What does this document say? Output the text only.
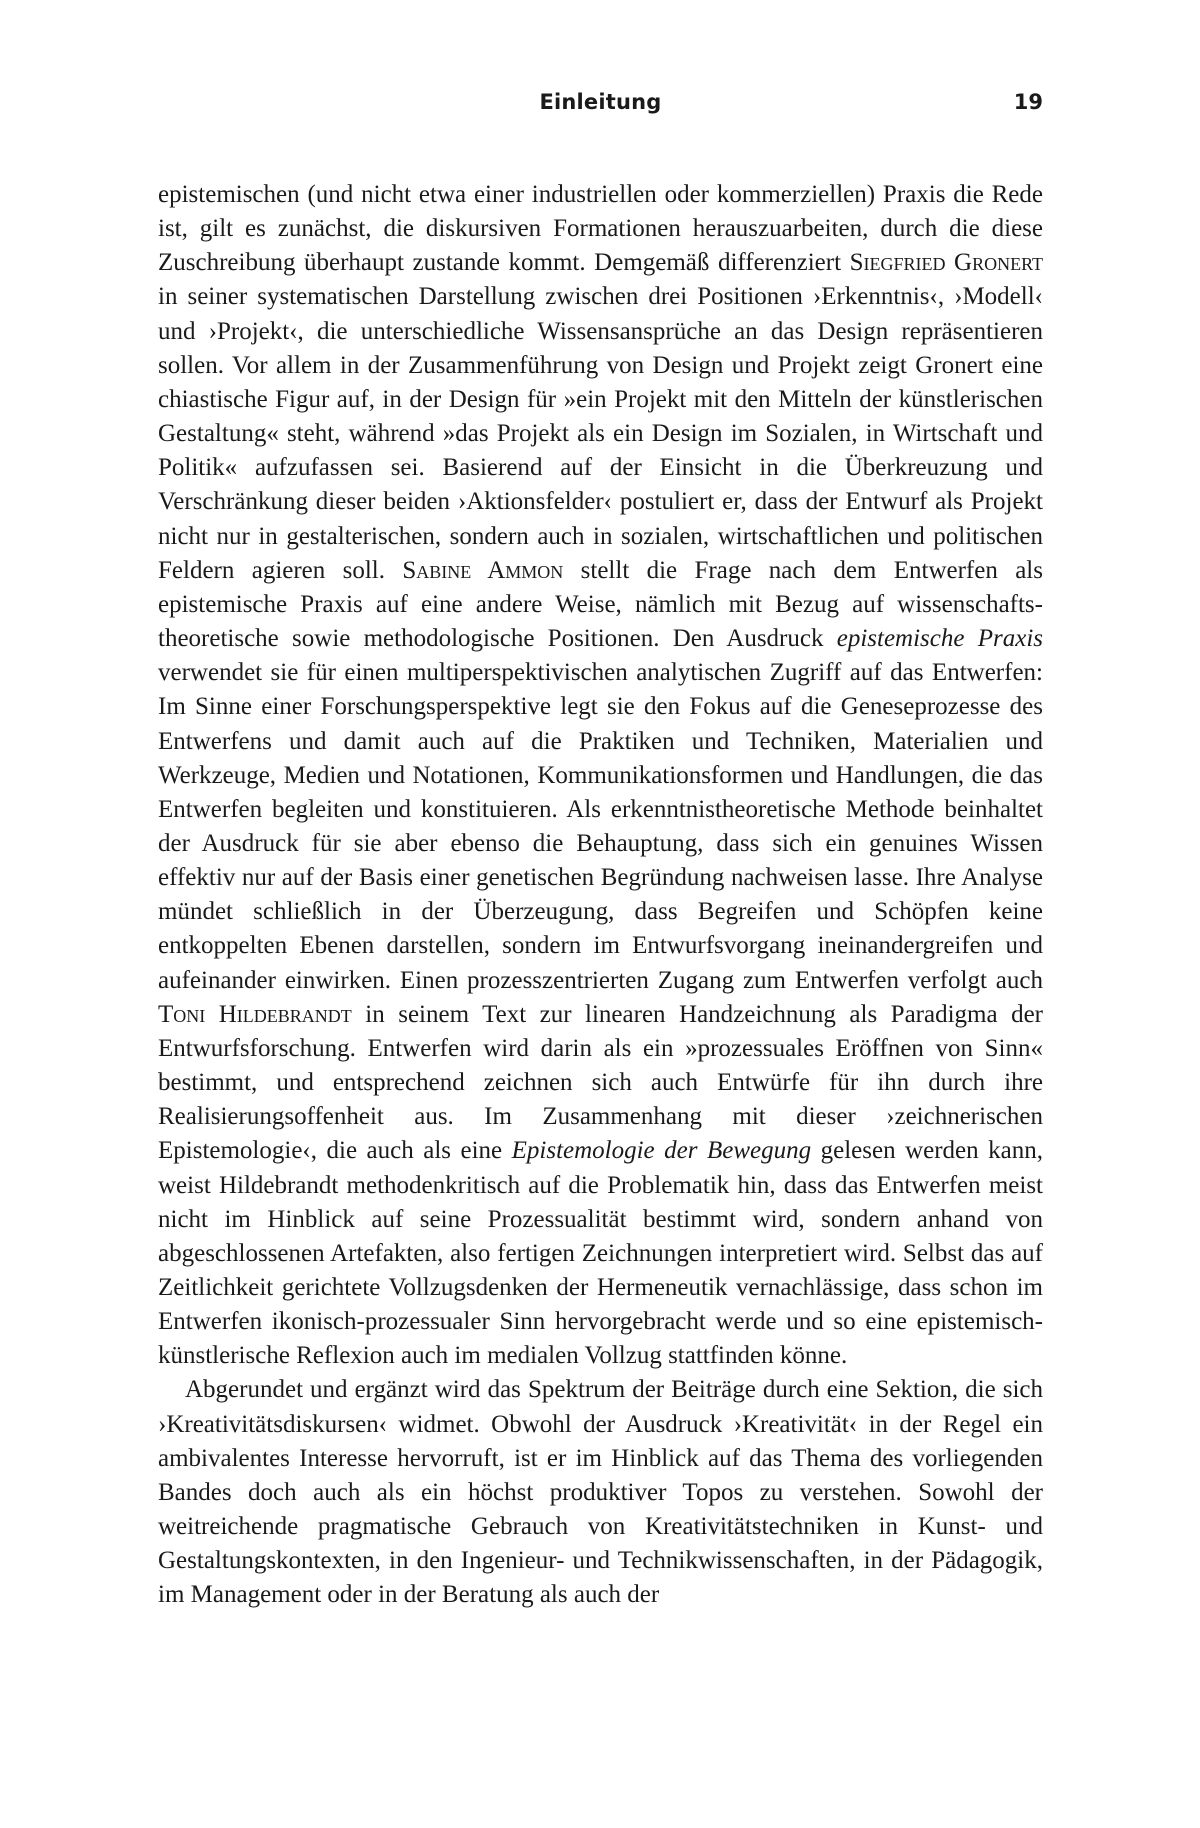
Einleitung	19

epistemischen (und nicht etwa einer industriellen oder kommerziellen) Praxis die Rede ist, gilt es zunächst, die diskursiven Formationen herauszuarbeiten, durch die diese Zuschreibung überhaupt zustande kommt. Demgemäß differenziert Siegfried Gronert in seiner systematischen Darstellung zwischen drei Positionen ›Erkenntnis‹, ›Modell‹ und ›Projekt‹, die unterschiedliche Wissensansprüche an das Design repräsentieren sollen. Vor allem in der Zusammenführung von Design und Projekt zeigt Gronert eine chiastische Figur auf, in der Design für »ein Projekt mit den Mitteln der künstlerischen Gestaltung« steht, während »das Projekt als ein Design im Sozialen, in Wirtschaft und Politik« aufzufassen sei. Basierend auf der Einsicht in die Überkreuzung und Verschränkung dieser beiden ›Aktionsfelder‹ postuliert er, dass der Entwurf als Projekt nicht nur in gestalterischen, sondern auch in sozialen, wirtschaftlichen und politischen Feldern agieren soll. Sabine Ammon stellt die Frage nach dem Entwerfen als epistemische Praxis auf eine andere Weise, nämlich mit Bezug auf wissenschaftstheoretische sowie methodologische Positionen. Den Ausdruck epistemische Praxis verwendet sie für einen multiperspektivischen analytischen Zugriff auf das Entwerfen: Im Sinne einer Forschungsperspektive legt sie den Fokus auf die Geneseprozesse des Entwerfens und damit auch auf die Praktiken und Techniken, Materialien und Werkzeuge, Medien und Notationen, Kommunikationsformen und Handlungen, die das Entwerfen begleiten und konstituieren. Als erkenntnistheoretische Methode beinhaltet der Ausdruck für sie aber ebenso die Behauptung, dass sich ein genuines Wissen effektiv nur auf der Basis einer genetischen Begründung nachweisen lasse. Ihre Analyse mündet schließlich in der Überzeugung, dass Begreifen und Schöpfen keine entkoppelten Ebenen darstellen, sondern im Entwurfsvorgang ineinandergreifen und aufeinander einwirken. Einen prozesszentrierten Zugang zum Entwerfen verfolgt auch Toni Hildebrandt in seinem Text zur linearen Handzeichnung als Paradigma der Entwurfsforschung. Entwerfen wird darin als ein »prozessuales Eröffnen von Sinn« bestimmt, und entsprechend zeichnen sich auch Entwürfe für ihn durch ihre Realisierungsoffenheit aus. Im Zusammenhang mit dieser ›zeichnerischen Epistemologie‹, die auch als eine Epistemologie der Bewegung gelesen werden kann, weist Hildebrandt methodenkritisch auf die Problematik hin, dass das Entwerfen meist nicht im Hinblick auf seine Prozessualität bestimmt wird, sondern anhand von abgeschlossenen Artefakten, also fertigen Zeichnungen interpretiert wird. Selbst das auf Zeitlichkeit gerichtete Vollzugsdenken der Hermeneutik vernachlässige, dass schon im Entwerfen ikonisch-prozessualer Sinn hervorgebracht werde und so eine epistemisch-künstlerische Reflexion auch im medialen Vollzug stattfinden könne.

Abgerundet und ergänzt wird das Spektrum der Beiträge durch eine Sektion, die sich ›Kreativitätsdiskursen‹ widmet. Obwohl der Ausdruck ›Kreativität‹ in der Regel ein ambivalentes Interesse hervorruft, ist er im Hinblick auf das Thema des vorliegenden Bandes doch auch als ein höchst produktiver Topos zu verstehen. Sowohl der weitreichende pragmatische Gebrauch von Kreativitätstechniken in Kunst- und Gestaltungskontexten, in den Ingenieur- und Technikwissenschaften, in der Pädagogik, im Management oder in der Beratung als auch der
